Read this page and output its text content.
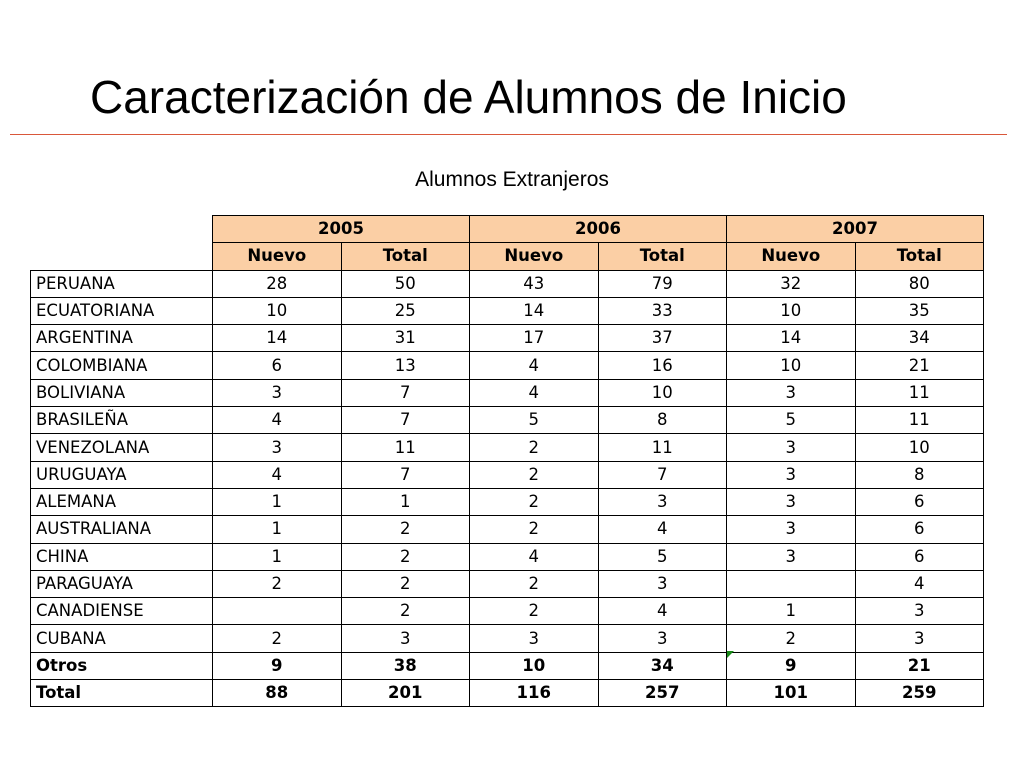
Caracterización de Alumnos de Inicio
Alumnos Extranjeros
	2005		2006		2007	
	Nuevo	Total	Nuevo	Total	Nuevo	Total
PERUANA	28	50	43	79	32	80
ECUATORIANA	10	25	14	33	10	35
ARGENTINA	14	31	17	37	14	34
COLOMBIANA	6	13	4	16	10	21
BOLIVIANA	3	7	4	10	3	11
BRASILEÑA	4	7	5	8	5	11
VENEZOLANA	3	11	2	11	3	10
URUGUAYA	4	7	2	7	3	8
ALEMANA	1	1	2	3	3	6
AUSTRALIANA	1	2	2	4	3	6
CHINA	1	2	4	5	3	6
PARAGUAYA	2	2	2	3		4
CANADIENSE		2	2	4	1	3
CUBANA	2	3	3	3	2	3
Otros	9	38	10	34	9	21
Total	88	201	116	257	101	259
